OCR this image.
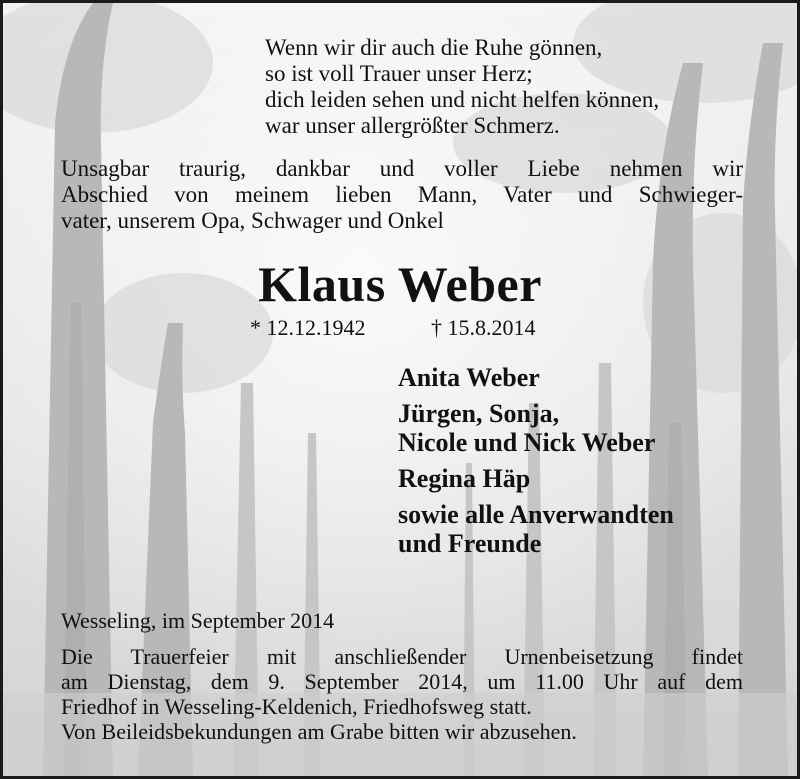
Wenn wir dir auch die Ruhe gönnen,
so ist voll Trauer unser Herz;
dich leiden sehen und nicht helfen können,
war unser allergrößter Schmerz.
Unsagbar traurig, dankbar und voller Liebe nehmen wir
Abschied von meinem lieben Mann, Vater und Schwieger-
vater, unserem Opa, Schwager und Onkel
Klaus Weber
* 12.12.1942	† 15.8.2014
Anita Weber
Jürgen, Sonja,
Nicole und Nick Weber
Regina Häp
sowie alle Anverwandten
und Freunde
Wesseling, im September 2014
Die Trauerfeier mit anschließender Urnenbeisetzung findet
am Dienstag, dem 9. September 2014, um 11.00 Uhr auf dem
Friedhof in Wesseling-Keldenich, Friedhofsweg statt.
Von Beileidsbekundungen am Grabe bitten wir abzusehen.
